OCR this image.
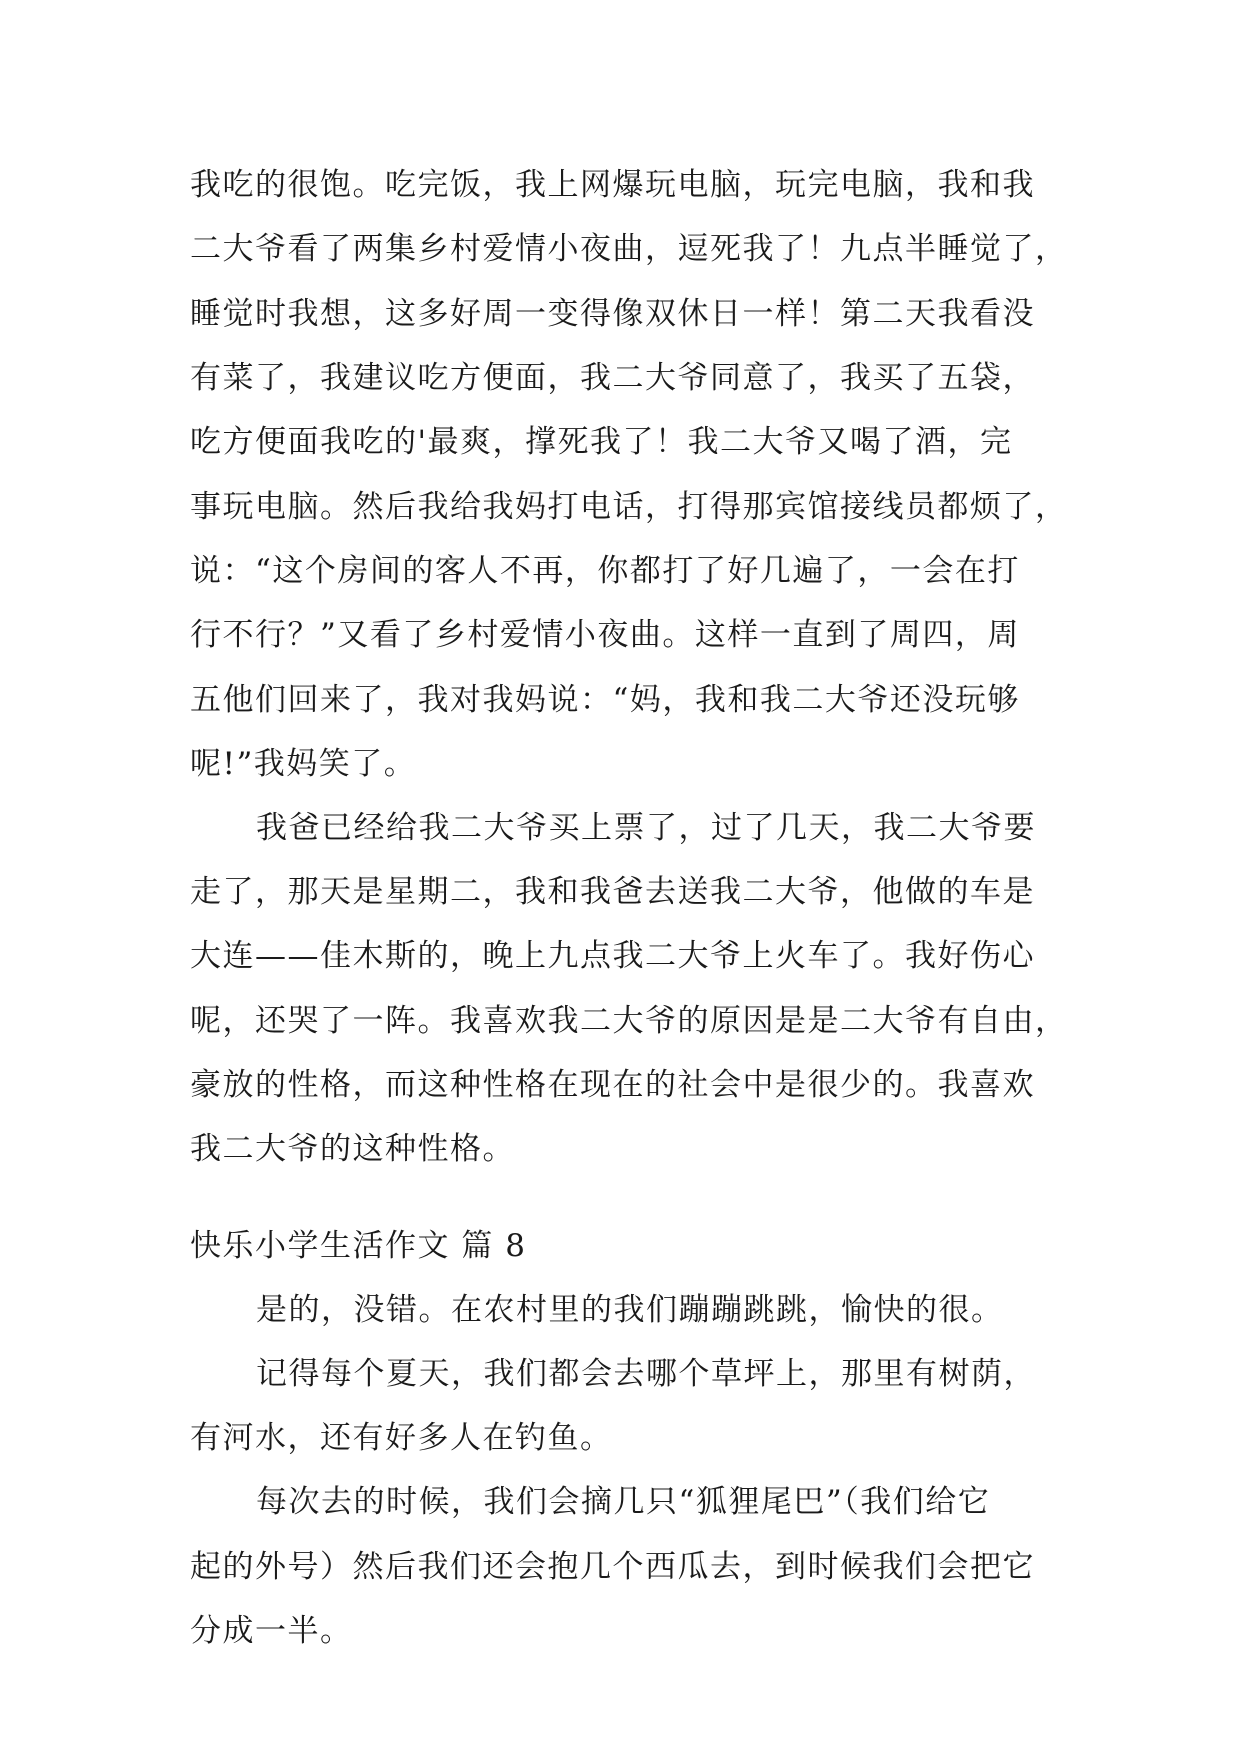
我吃的很饱。吃完饭，我上网爆玩电脑，玩完电脑，我和我
二大爷看了两集乡村爱情小夜曲，逗死我了！九点半睡觉了，
睡觉时我想，这多好周一变得像双休日一样！第二天我看没
有菜了，我建议吃方便面，我二大爷同意了，我买了五袋，
吃方便面我吃的'最爽，撑死我了！我二大爷又喝了酒，完
事玩电脑。然后我给我妈打电话，打得那宾馆接线员都烦了，
说：“这个房间的客人不再，你都打了好几遍了，一会在打
行不行？”又看了乡村爱情小夜曲。这样一直到了周四，周
五他们回来了，我对我妈说：“妈，我和我二大爷还没玩够
呢!”我妈笑了。
我爸已经给我二大爷买上票了，过了几天，我二大爷要
走了，那天是星期二，我和我爸去送我二大爷，他做的车是
大连——佳木斯的，晚上九点我二大爷上火车了。我好伤心
呢，还哭了一阵。我喜欢我二大爷的原因是是二大爷有自由，
豪放的性格，而这种性格在现在的社会中是很少的。我喜欢
我二大爷的这种性格。
快乐小学生活作文 篇 8
是的，没错。在农村里的我们蹦蹦跳跳，愉快的很。
记得每个夏天，我们都会去哪个草坪上，那里有树荫，
有河水，还有好多人在钓鱼。
每次去的时候，我们会摘几只“狐狸尾巴”（我们给它
起的外号）然后我们还会抱几个西瓜去，到时候我们会把它
分成一半。
